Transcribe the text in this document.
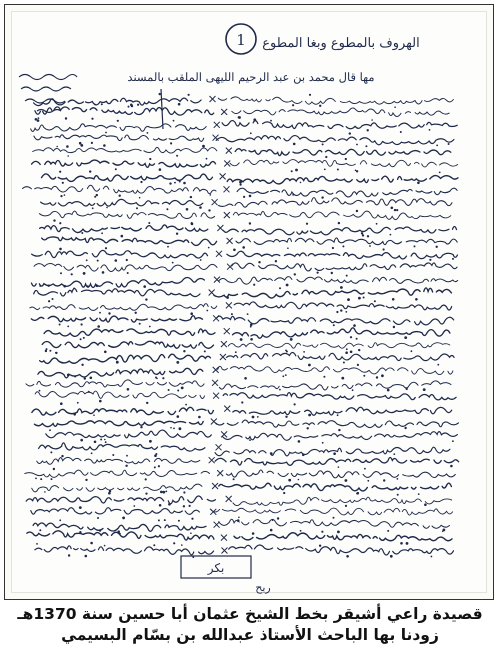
1 الهروف بالمطوع وبغا المطوع
مها قال محمد بن عبد الرحيم الليهى الملقب بالمسند
بكر
ريح
قصيدة راعي أشيقر بخط الشيخ عثمان أبا حسين سنة 1370هـ
زودنا بها الباحث الأستاذ عبدالله بن بسّام البسيمي
